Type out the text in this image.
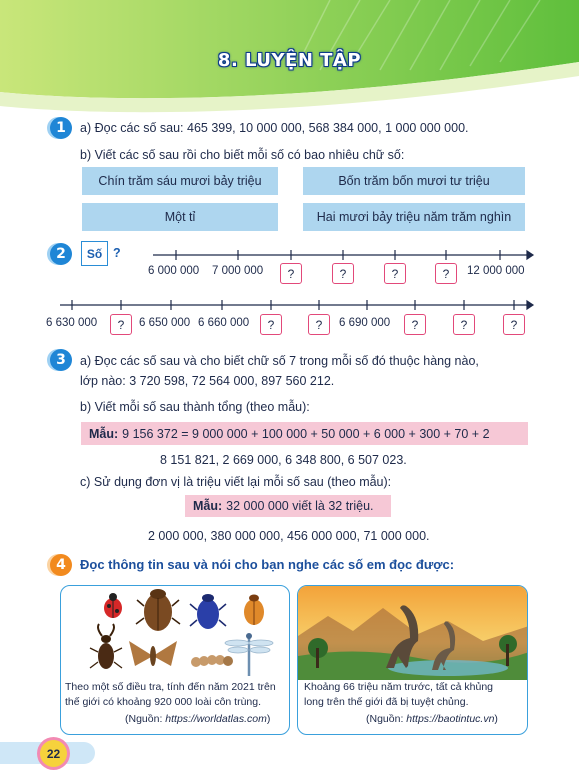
8. LUYỆN TẬP
1	a) Đọc các số sau: 465 399, 10 000 000, 568 384 000, 1 000 000 000.
b) Viết các số sau rồi cho biết mỗi số có bao nhiêu chữ số:
Chín trăm sáu mươi bảy triệu	Bốn trăm bốn mươi tư triệu
Một tỉ	Hai mươi bảy triệu năm trăm nghìn
2	Số ?
6 000 000 7 000 000	?	?	?	?	12 000 000
6 630 000	?	6 650 000 6 660 000	?	?	6 690 000	?	?	?
3	a) Đọc các số sau và cho biết chữ số 7 trong mỗi số đó thuộc hàng nào,
lớp nào: 3 720 598, 72 564 000, 897 560 212.
b) Viết mỗi số sau thành tổng (theo mẫu):
Mẫu: 9 156 372 = 9 000 000 + 100 000 + 50 000 + 6 000 + 300 + 70 + 2
8 151 821, 2 669 000, 6 348 800, 6 507 023.
c) Sử dụng đơn vị là triệu viết lại mỗi số sau (theo mẫu):
Mẫu: 32 000 000 viết là 32 triệu.
2 000 000, 380 000 000, 456 000 000, 71 000 000.
4	Đọc thông tin sau và nói cho bạn nghe các số em đọc được:
Theo một số điều tra, tính đến năm 2021 trên
thế giới có khoảng 920 000 loài côn trùng.
(Nguồn: https://worldatlas.com)
Khoảng 66 triệu năm trước, tất cả khủng
long trên thế giới đã bị tuyệt chủng.
(Nguồn: https://baotintuc.vn)
22
